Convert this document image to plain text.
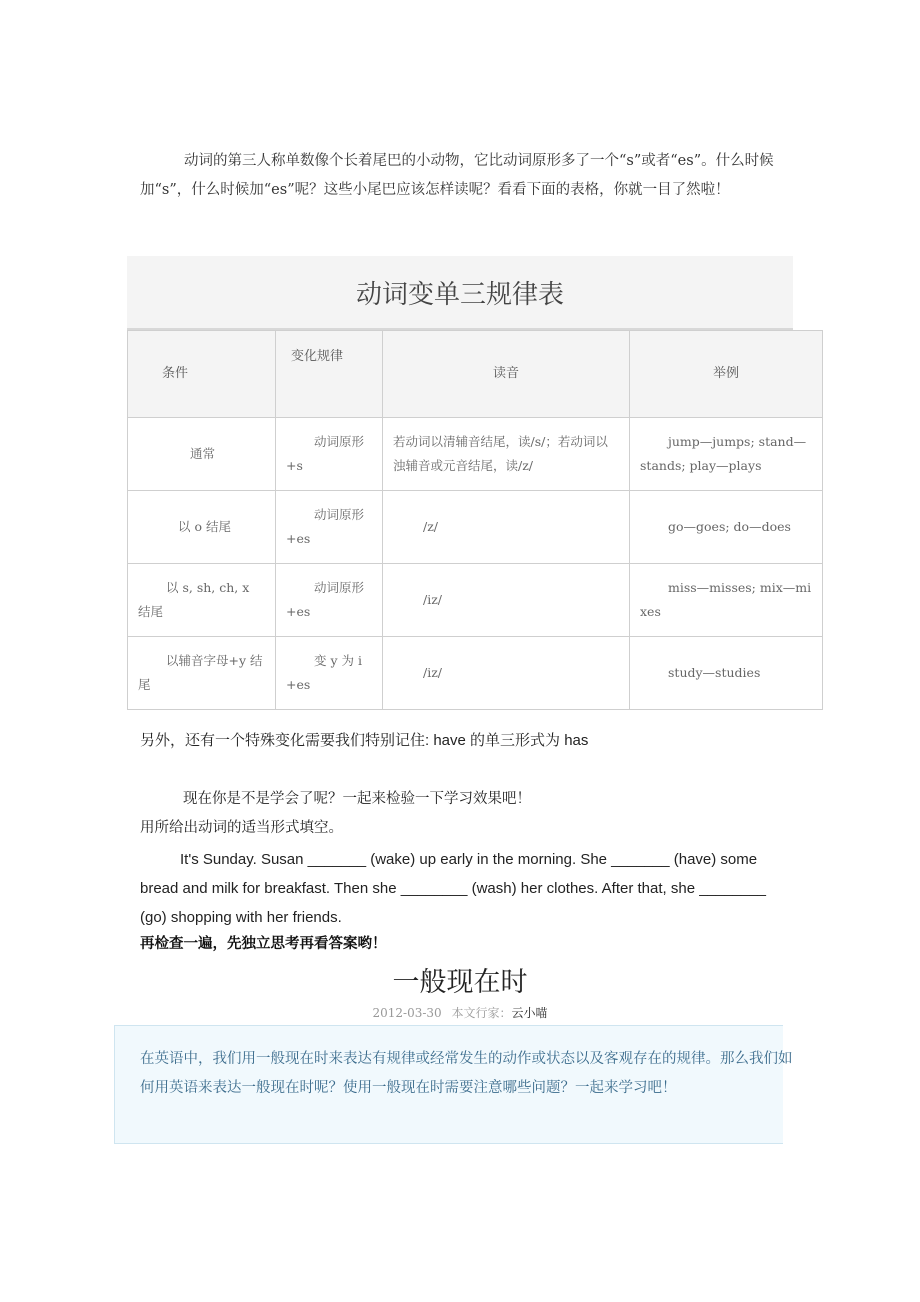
动词的第三人称单数像个长着尾巴的小动物，它比动词原形多了一个“s”或者“es”。什么时候加“s”，什么时候加“es”呢？这些小尾巴应该怎样读呢？看看下面的表格，你就一目了然啦！
动词变单三规律表
条件	变化规律	读音	举例
通常	动词原形+s	若动词以清辅音结尾，读/s/；若动词以浊辅音或元音结尾，读/z/	jump—jumps; stand—stands; play—plays

以 o 结尾	动词原形+es	/z/	go—goes; do—does

以 s, sh, ch, x 结尾	动词原形+es	/iz/	miss—misses; mix—mixes

以辅音字母+y 结尾	变 y 为 i +es	/iz/	study—studies
另外，还有一个特殊变化需要我们特别记住: have 的单三形式为 has
现在你是不是学会了呢？一起来检验一下学习效果吧！
用所给出动词的适当形式填空。
It's Sunday. Susan _______ (wake) up early in the morning. She _______ (have) some bread and milk for breakfast. Then she ________ (wash) her clothes. After that, she ________ (go) shopping with her friends.
再检查一遍，先独立思考再看答案哟！
一般现在时
2012-03-30 本文行家：云小喵
在英语中，我们用一般现在时来表达有规律或经常发生的动作或状态以及客观存在的规律。那么我们如何用英语来表达一般现在时呢？使用一般现在时需要注意哪些问题？一起来学习吧！
